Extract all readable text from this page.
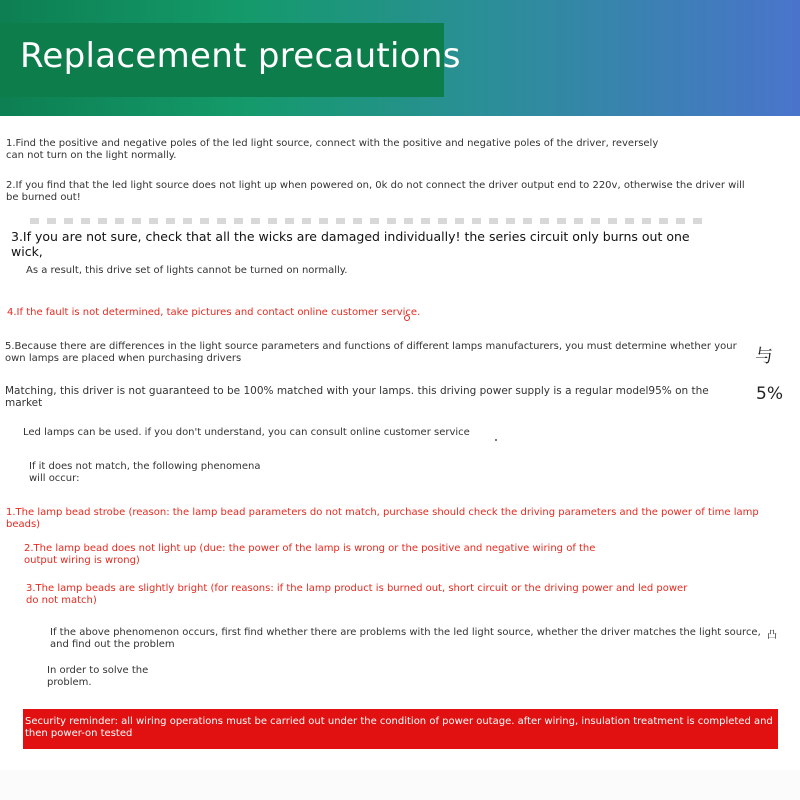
Replacement precautions
1.Find the positive and negative poles of the led light source, connect with the positive and negative poles of the driver, reversely can not turn on the light normally.
2.If you find that the led light source does not light up when powered on, 0k do not connect the driver output end to 220v, otherwise the driver will be burned out!
3.If you are not sure, check that all the wicks are damaged individually! the series circuit only burns out one wick,
As a result, this drive set of lights cannot be turned on normally.
4.If the fault is not determined, take pictures and contact online customer service.
5.Because there are differences in the light source parameters and functions of different lamps manufacturers, you must determine whether your own lamps are placed when purchasing drivers	与
Matching, this driver is not guaranteed to be 100% matched with your lamps. this driving power supply is a regular model95% on the market	5%
Led lamps can be used. if you don't understand, you can consult online customer service
If it does not match, the following phenomena will occur:
1.The lamp bead strobe (reason: the lamp bead parameters do not match, purchase should check the driving parameters and the power of time lamp beads)
2.The lamp bead does not light up (due: the power of the lamp is wrong or the positive and negative wiring of the output wiring is wrong)
3.The lamp beads are slightly bright (for reasons: if the lamp product is burned out, short circuit or the driving power and led power do not match)
If the above phenomenon occurs, first find whether there are problems with the led light source, whether the driver matches the light source, and find out the problem
凸
In order to solve the problem.
Security reminder: all wiring operations must be carried out under the condition of power outage. after wiring, insulation treatment is completed and then power-on tested
